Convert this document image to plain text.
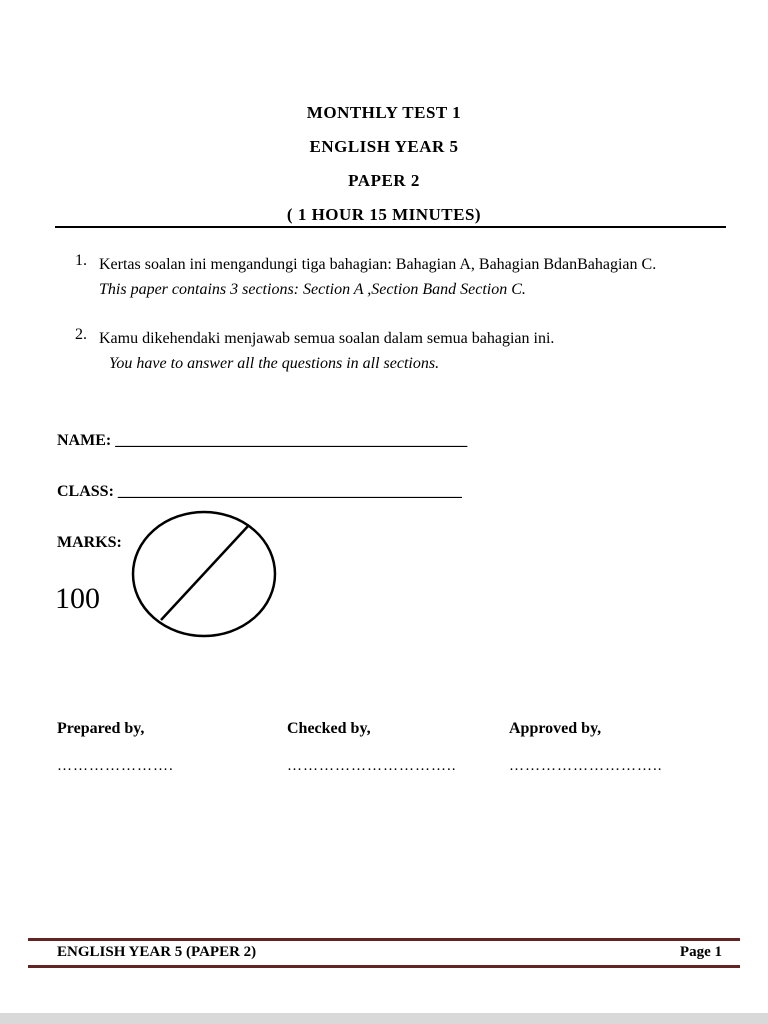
MONTHLY TEST 1
ENGLISH YEAR 5
PAPER 2
( 1 HOUR 15 MINUTES)
1. Kertas soalan ini mengandungi tiga bahagian: Bahagian A, Bahagian BdanBahagian C.
This paper contains 3 sections: Section A ,Section Band Section C.
2. Kamu dikehendaki menjawab semua soalan dalam semua bahagian ini.
You have to answer all the questions in all sections.
NAME: ____________________________________________
CLASS: ___________________________________________
MARKS:
100
Prepared by,
………………….
Checked by,
…………………………..
Approved by,
………………………..
ENGLISH YEAR 5 (PAPER 2)	Page 1
